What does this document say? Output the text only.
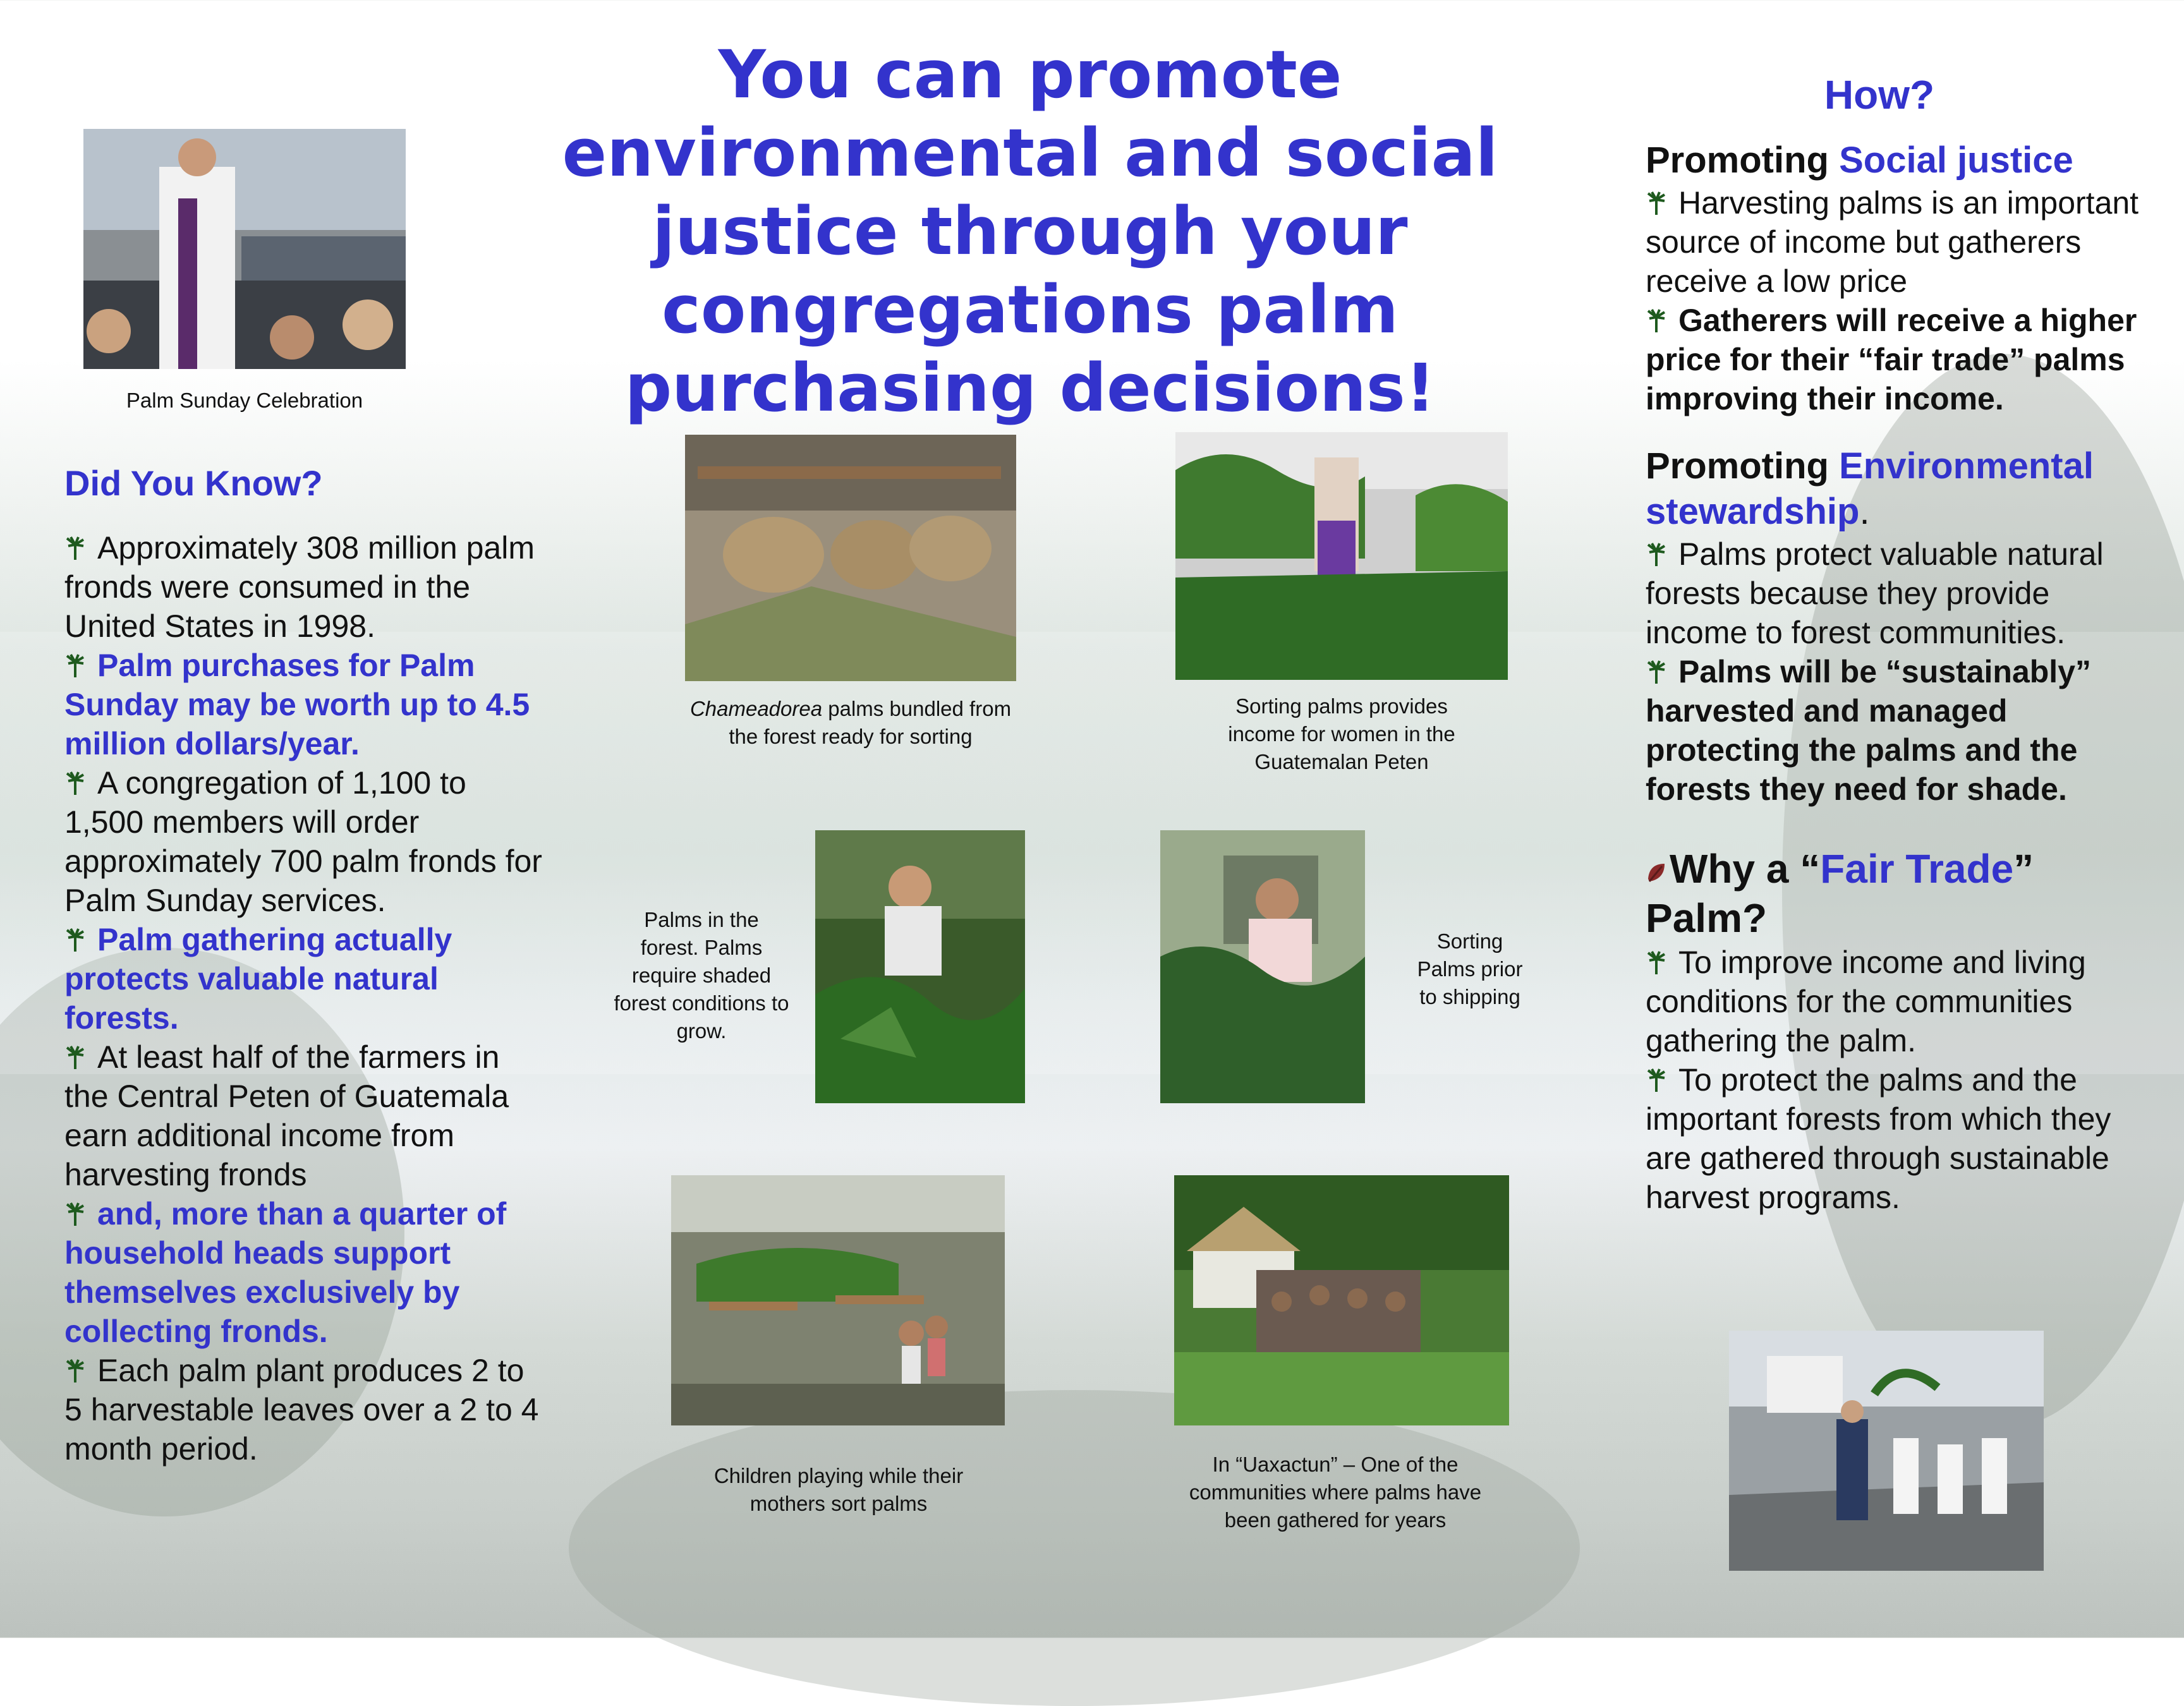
You can promote environmental and social justice through your congregations palm purchasing decisions!
Palm Sunday Celebration
Did You Know?
Approximately 308 million palm fronds were consumed in the United States in 1998.
Palm purchases for Palm Sunday may be worth up to 4.5 million dollars/year.
A congregation of 1,100 to 1,500 members will order approximately 700 palm fronds for Palm Sunday services.
Palm gathering actually protects valuable natural forests.
At least half of the farmers in the Central Peten of Guatemala earn additional income from harvesting fronds
and, more than a quarter of household heads support themselves exclusively by collecting fronds.
Each palm plant produces 2 to 5 harvestable leaves over a 2 to 4 month period.
Chameadorea palms bundled from the forest ready for sorting
Sorting palms provides income for women in the Guatemalan Peten
Palms in the forest. Palms require shaded forest conditions to grow.
Sorting Palms prior to shipping
Children playing while their mothers sort palms
In “Uaxactun” – One of the communities where palms have been gathered for years
How?
Promoting Social justice
Harvesting palms is an important source of income but gatherers receive a low price
Gatherers will receive a higher price for their “fair trade” palms improving their income.
Promoting Environmental stewardship.
Palms protect valuable natural forests because they provide income to forest communities.
Palms will be “sustainably” harvested and managed protecting the palms and the forests they need for shade.
Why a “Fair Trade” Palm?
To improve income and living conditions for the communities gathering the palm.
To protect the palms and the important forests from which they are gathered through sustainable harvest programs.
